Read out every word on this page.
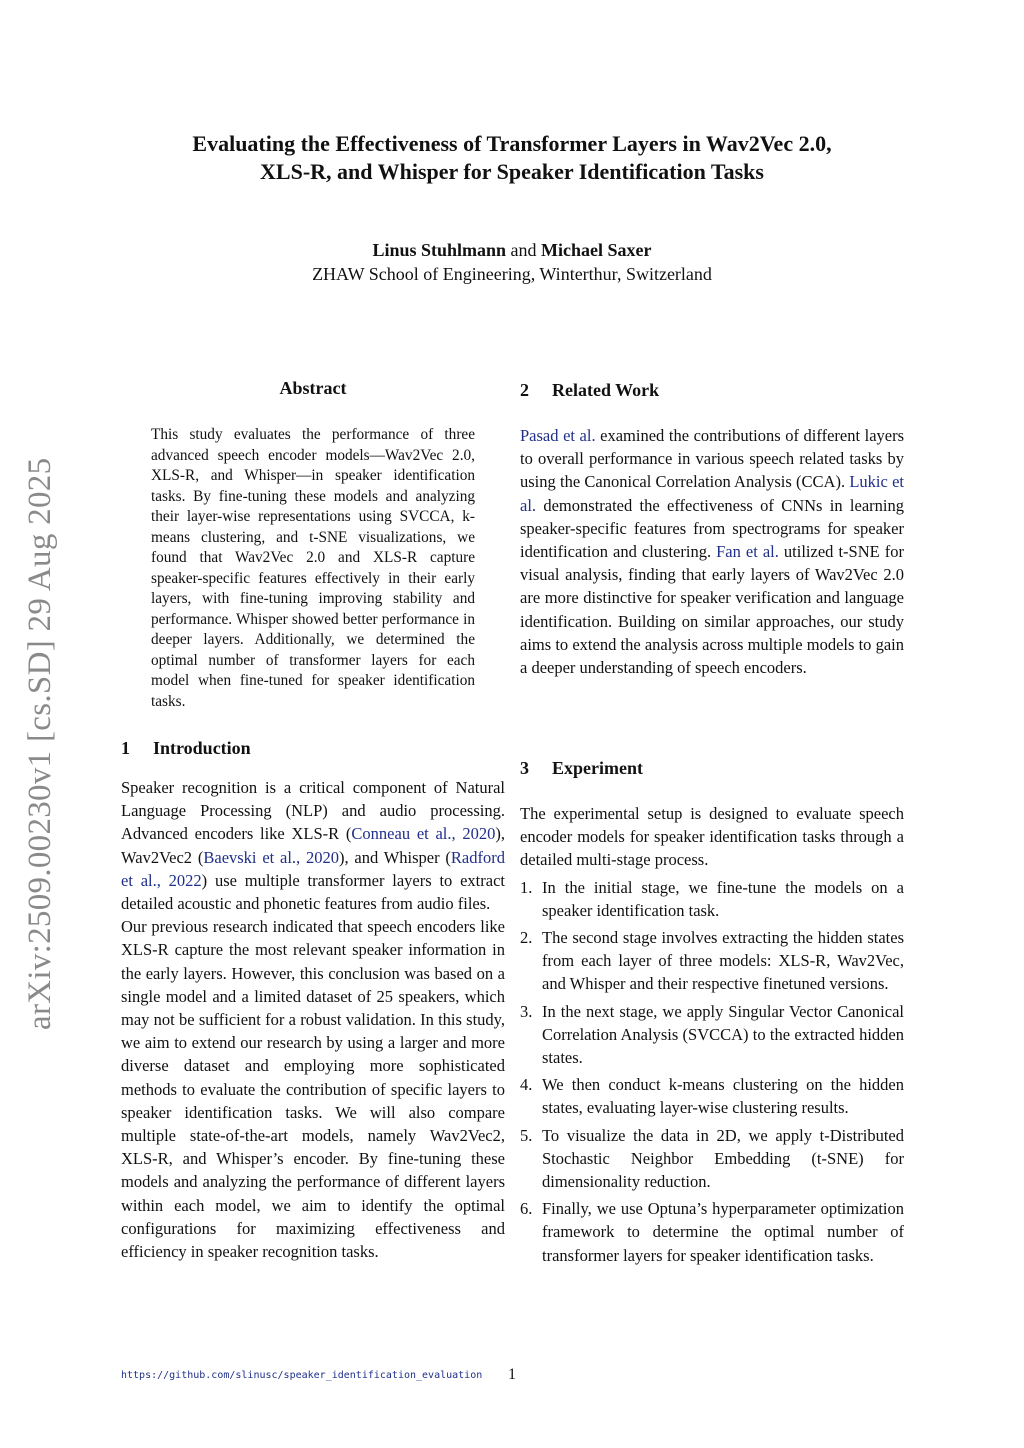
arXiv:2509.00230v1 [cs.SD] 29 Aug 2025
Evaluating the Effectiveness of Transformer Layers in Wav2Vec 2.0,
XLS-R, and Whisper for Speaker Identification Tasks
Linus Stuhlmann and Michael Saxer
ZHAW School of Engineering, Winterthur, Switzerland
Abstract
This study evaluates the performance of three advanced speech encoder models—Wav2Vec 2.0, XLS-R, and Whisper—in speaker identification tasks. By fine-tuning these models and analyzing their layer-wise representations using SVCCA, k-means clustering, and t-SNE visualizations, we found that Wav2Vec 2.0 and XLS-R capture speaker-specific features effectively in their early layers, with fine-tuning improving stability and performance. Whisper showed better performance in deeper layers. Additionally, we determined the optimal number of transformer layers for each model when fine-tuned for speaker identification tasks.
1 Introduction

Speaker recognition is a critical component of Natural Language Processing (NLP) and audio processing. Advanced encoders like XLS-R (Conneau et al., 2020), Wav2Vec2 (Baevski et al., 2020), and Whisper (Radford et al., 2022) use multiple transformer layers to extract detailed acoustic and phonetic features from audio files.

Our previous research indicated that speech encoders like XLS-R capture the most relevant speaker information in the early layers. However, this conclusion was based on a single model and a limited dataset of 25 speakers, which may not be sufficient for a robust validation. In this study, we aim to extend our research by using a larger and more diverse dataset and employing more sophisticated methods to evaluate the contribution of specific layers to speaker identification tasks. We will also compare multiple state-of-the-art models, namely Wav2Vec2, XLS-R, and Whisper’s encoder. By fine-tuning these models and analyzing the performance of different layers within each model, we aim to identify the optimal configurations for maximizing effectiveness and efficiency in speaker recognition tasks.

2 Related Work

Pasad et al. examined the contributions of different layers to overall performance in various speech related tasks by using the Canonical Correlation Analysis (CCA). Lukic et al. demonstrated the effectiveness of CNNs in learning speaker-specific features from spectrograms for speaker identification and clustering. Fan et al. utilized t-SNE for visual analysis, finding that early layers of Wav2Vec 2.0 are more distinctive for speaker verification and language identification. Building on similar approaches, our study aims to extend the analysis across multiple models to gain a deeper understanding of speech encoders.

3 Experiment

The experimental setup is designed to evaluate speech encoder models for speaker identification tasks through a detailed multi-stage process.

1. In the initial stage, we fine-tune the models on a speaker identification task.
2. The second stage involves extracting the hidden states from each layer of three models: XLS-R, Wav2Vec, and Whisper and their respective finetuned versions.
3. In the next stage, we apply Singular Vector Canonical Correlation Analysis (SVCCA) to the extracted hidden states.
4. We then conduct k-means clustering on the hidden states, evaluating layer-wise clustering results.
5. To visualize the data in 2D, we apply t-Distributed Stochastic Neighbor Embedding (t-SNE) for dimensionality reduction.
6. Finally, we use Optuna’s hyperparameter optimization framework to determine the optimal number of transformer layers for speaker identification tasks.
https://github.com/slinusc/speaker_identification_evaluation 1
